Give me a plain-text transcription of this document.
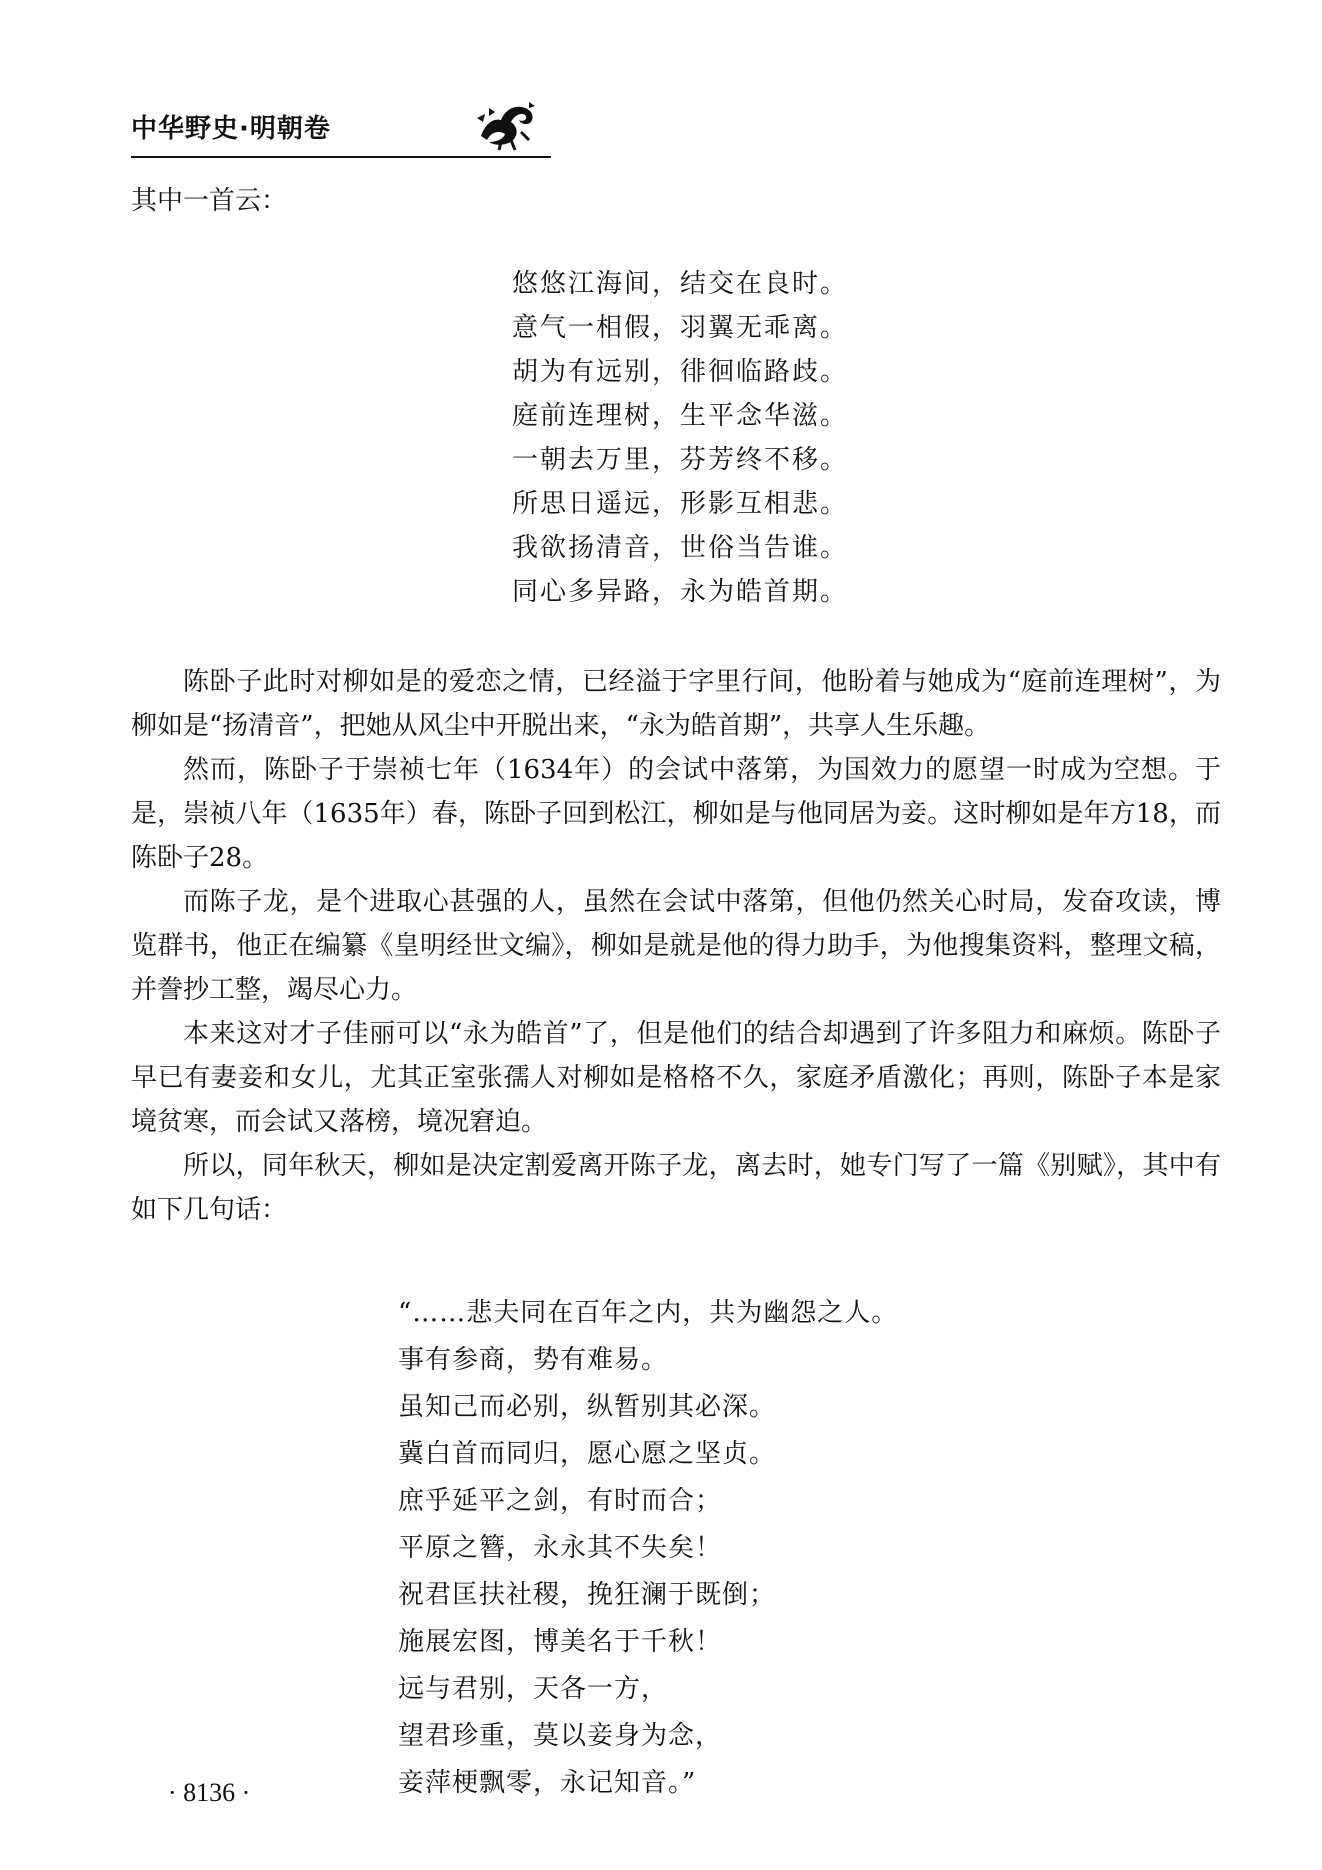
中华野史·明朝卷
其中一首云：
悠悠江海间，结交在良时。
意气一相假，羽翼无乖离。
胡为有远别，徘徊临路歧。
庭前连理树，生平念华滋。
一朝去万里，芬芳终不移。
所思日遥远，形影互相悲。
我欲扬清音，世俗当告谁。
同心多异路，永为皓首期。

陈卧子此时对柳如是的爱恋之情，已经溢于字里行间，他盼着与她成为“庭前连理树”，为柳如是“扬清音”，把她从风尘中开脱出来，“永为皓首期”，共享人生乐趣。

然而，陈卧子于崇祯七年（1634年）的会试中落第，为国效力的愿望一时成为空想。于是，崇祯八年（1635年）春，陈卧子回到松江，柳如是与他同居为妾。这时柳如是年方18，而陈卧子28。

而陈子龙，是个进取心甚强的人，虽然在会试中落第，但他仍然关心时局，发奋攻读，博览群书，他正在编纂《皇明经世文编》，柳如是就是他的得力助手，为他搜集资料，整理文稿，并誊抄工整，竭尽心力。

本来这对才子佳丽可以“永为皓首”了，但是他们的结合却遇到了许多阻力和麻烦。陈卧子早已有妻妾和女儿，尤其正室张孺人对柳如是格格不久，家庭矛盾激化；再则，陈卧子本是家境贫寒，而会试又落榜，境况窘迫。

所以，同年秋天，柳如是决定割爱离开陈子龙，离去时，她专门写了一篇《别赋》，其中有如下几句话：

“……悲夫同在百年之内，共为幽怨之人。
事有参商，势有难易。
虽知己而必别，纵暂别其必深。
冀白首而同归，愿心愿之坚贞。
庶乎延平之剑，有时而合；
平原之簪，永永其不失矣！
祝君匡扶社稷，挽狂澜于既倒；
施展宏图，博美名于千秋！
远与君别，天各一方，
望君珍重，莫以妾身为念，
妾萍梗飘零，永记知音。”
· 8136 ·
